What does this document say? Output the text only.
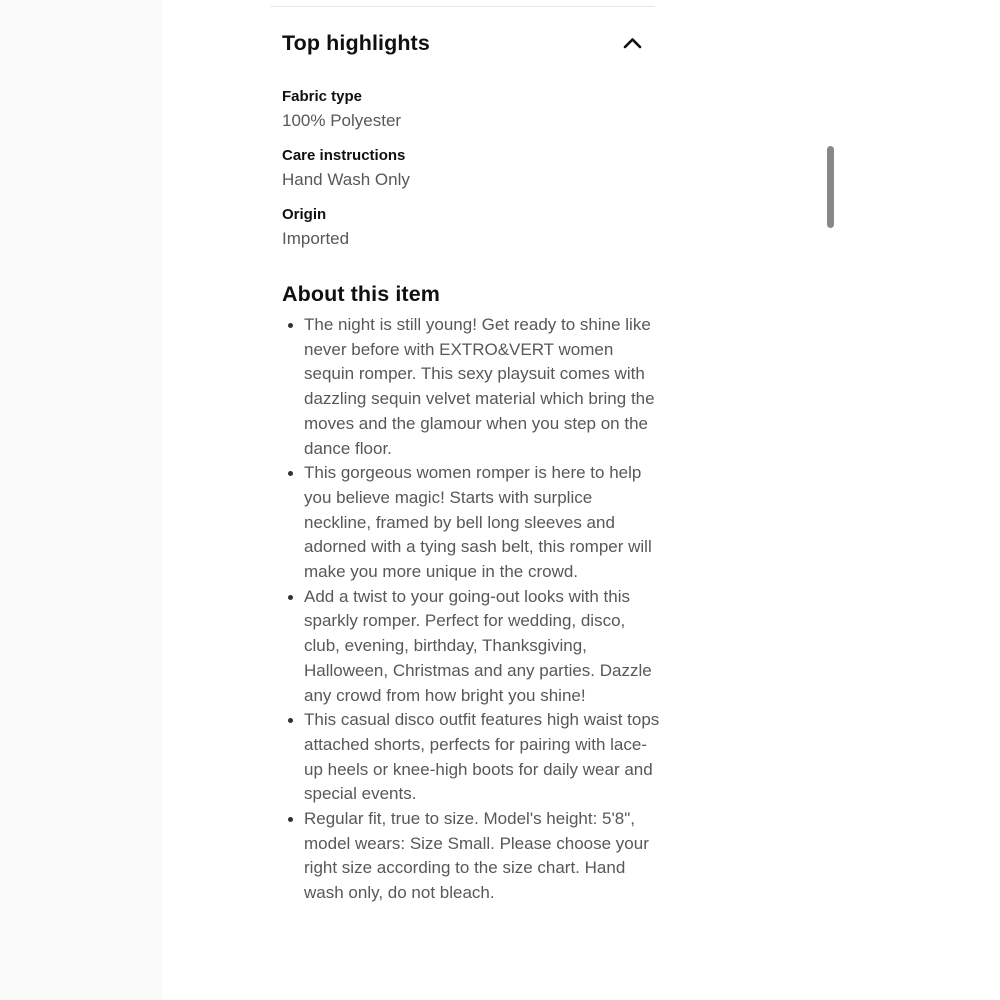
Top highlights

Fabric type

100% Polyester

Care instructions

Hand Wash Only

Origin

Imported

About this item
The night is still young! Get ready to shine like never before with EXTRO&VERT women sequin romper. This sexy playsuit comes with dazzling sequin velvet material which bring the moves and the glamour when you step on the dance floor.
This gorgeous women romper is here to help you believe magic! Starts with surplice neckline, framed by bell long sleeves and adorned with a tying sash belt, this romper will make you more unique in the crowd.
Add a twist to your going-out looks with this sparkly romper. Perfect for wedding, disco, club, evening, birthday, Thanksgiving, Halloween, Christmas and any parties. Dazzle any crowd from how bright you shine!
This casual disco outfit features high waist tops attached shorts, perfects for pairing with lace-up heels or knee-high boots for daily wear and special events.
Regular fit, true to size. Model's height: 5'8", model wears: Size Small. Please choose your right size according to the size chart. Hand wash only, do not bleach.
